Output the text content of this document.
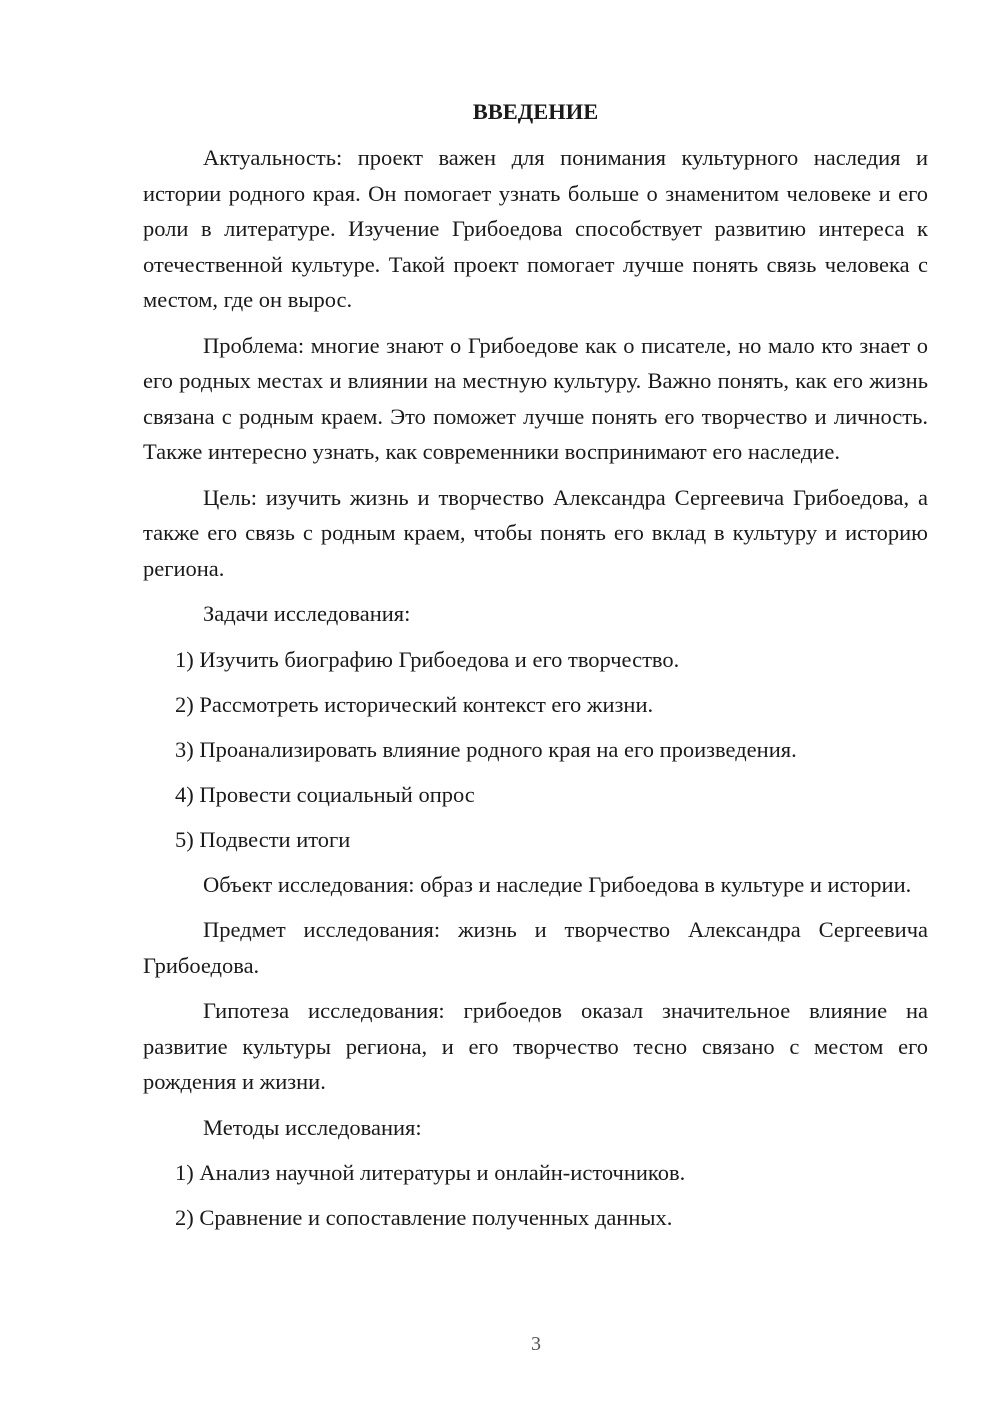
ВВЕДЕНИЕ

Актуальность: проект важен для понимания культурного наследия и истории родного края. Он помогает узнать больше о знаменитом человеке и его роли в литературе. Изучение Грибоедова способствует развитию интереса к отечественной культуре. Такой проект помогает лучше понять связь человека с местом, где он вырос.

Проблема: многие знают о Грибоедове как о писателе, но мало кто знает о его родных местах и влиянии на местную культуру. Важно понять, как его жизнь связана с родным краем. Это поможет лучше понять его творчество и личность. Также интересно узнать, как современники воспринимают его наследие.

Цель: изучить жизнь и творчество Александра Сергеевича Грибоедова, а также его связь с родным краем, чтобы понять его вклад в культуру и историю региона.

Задачи исследования:

1) Изучить биографию Грибоедова и его творчество.
2) Рассмотреть исторический контекст его жизни.
3) Проанализировать влияние родного края на его произведения.
4) Провести социальный опрос
5) Подвести итоги

Объект исследования: образ и наследие Грибоедова в культуре и истории.

Предмет исследования: жизнь и творчество Александра Сергеевича Грибоедова.

Гипотеза исследования: грибоедов оказал значительное влияние на развитие культуры региона, и его творчество тесно связано с местом его рождения и жизни.

Методы исследования:

1) Анализ научной литературы и онлайн-источников.
2) Сравнение и сопоставление полученных данных.
3
